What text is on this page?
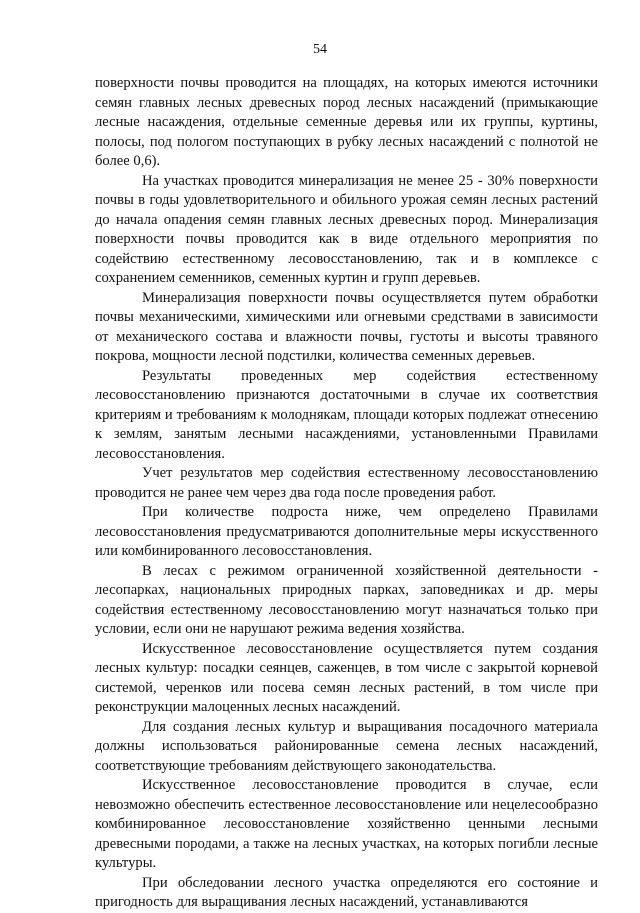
54

поверхности почвы проводится на площадях, на которых имеются источники семян главных лесных древесных пород лесных насаждений (примыкающие лесные насаждения, отдельные семенные деревья или их группы, куртины, полосы, под пологом поступающих в рубку лесных насаждений с полнотой не более 0,6).

На участках проводится минерализация не менее 25 - 30% поверхности почвы в годы удовлетворительного и обильного урожая семян лесных растений до начала опадения семян главных лесных древесных пород. Минерализация поверхности почвы проводится как в виде отдельного мероприятия по содействию естественному лесовосстановлению, так и в комплексе с сохранением семенников, семенных куртин и групп деревьев.

Минерализация поверхности почвы осуществляется путем обработки почвы механическими, химическими или огневыми средствами в зависимости от механического состава и влажности почвы, густоты и высоты травяного покрова, мощности лесной подстилки, количества семенных деревьев.

Результаты проведенных мер содействия естественному лесовосстановлению признаются достаточными в случае их соответствия критериям и требованиям к молоднякам, площади которых подлежат отнесению к землям, занятым лесными насаждениями, установленными Правилами лесовосстановления.

Учет результатов мер содействия естественному лесовосстановлению проводится не ранее чем через два года после проведения работ.

При количестве подроста ниже, чем определено Правилами лесовосстановления предусматриваются дополнительные меры искусственного или комбинированного лесовосстановления.

В лесах с режимом ограниченной хозяйственной деятельности - лесопарках, национальных природных парках, заповедниках и др. меры содействия естественному лесовосстановлению могут назначаться только при условии, если они не нарушают режима ведения хозяйства.

Искусственное лесовосстановление осуществляется путем создания лесных культур: посадки сеянцев, саженцев, в том числе с закрытой корневой системой, черенков или посева семян лесных растений, в том числе при реконструкции малоценных лесных насаждений.

Для создания лесных культур и выращивания посадочного материала должны использоваться районированные семена лесных насаждений, соответствующие требованиям действующего законодательства.

Искусственное лесовосстановление проводится в случае, если невозможно обеспечить естественное лесовосстановление или нецелесообразно комбинированное лесовосстановление хозяйственно ценными лесными древесными породами, а также на лесных участках, на которых погибли лесные культуры.

При обследовании лесного участка определяются его состояние и пригодность для выращивания лесных насаждений, устанавливаются
